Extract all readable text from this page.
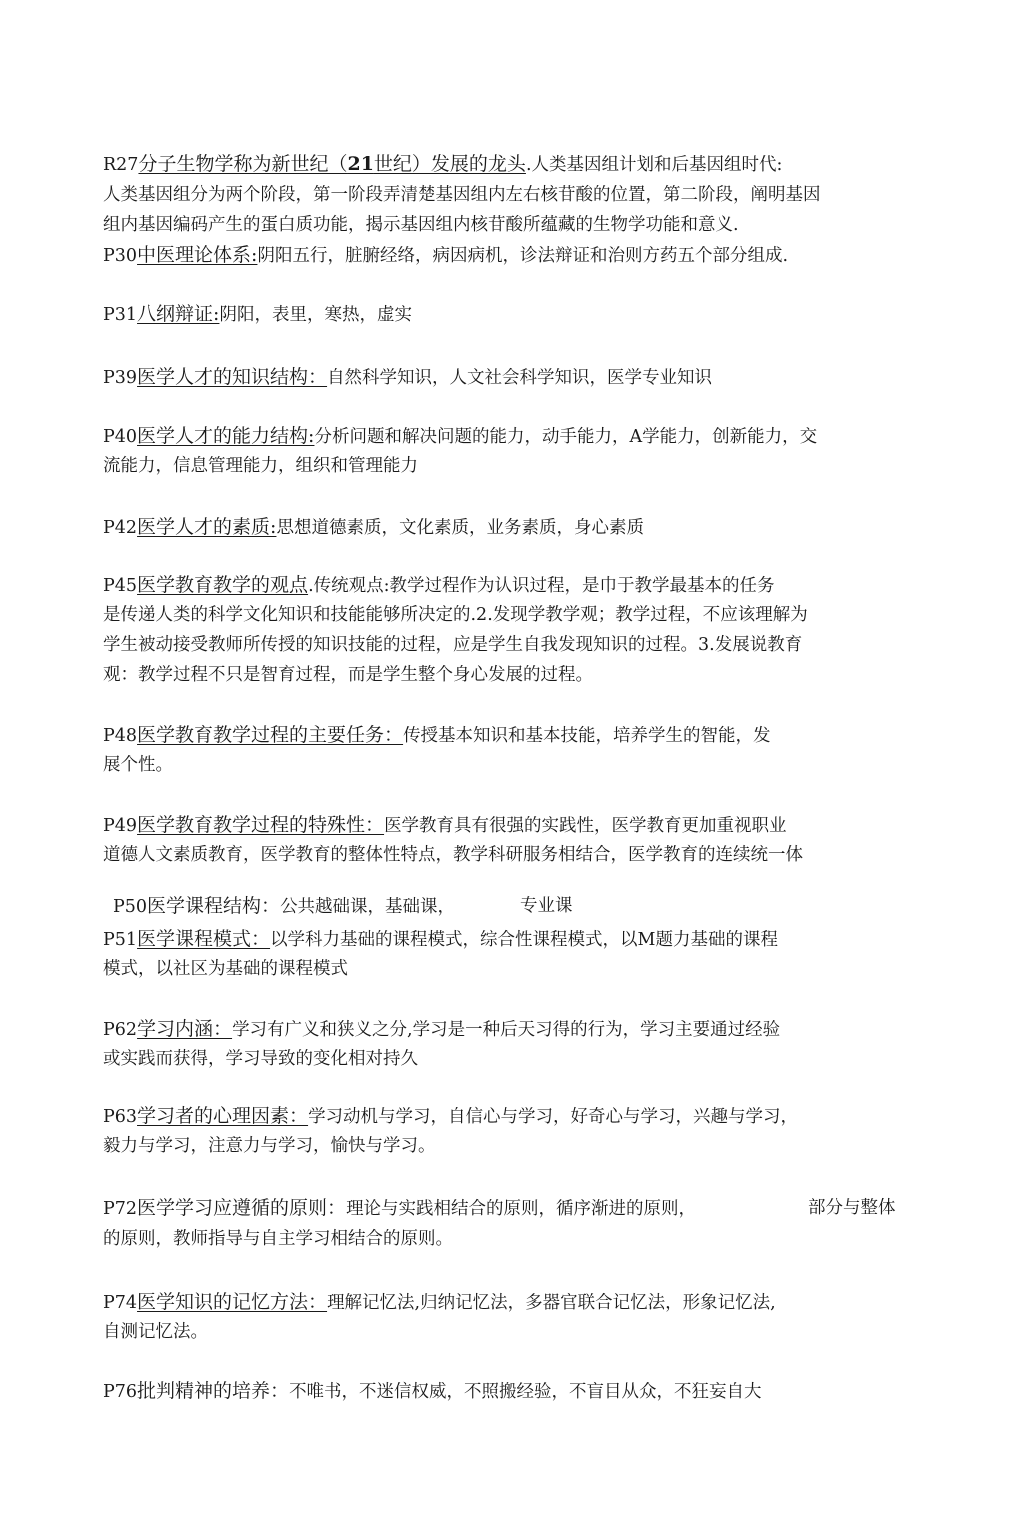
R27分子生物学称为新世纪（21世纪）发展的龙头.人类基因组计划和后基因组时代:
人类基因组分为两个阶段，第一阶段弄清楚基因组内左右核苷酸的位置，第二阶段，阐明基因
组内基因编码产生的蛋白质功能，揭示基因组内核苷酸所蕴藏的生物学功能和意义.
P30中医理论体系:阴阳五行，脏腑经络，病因病机，诊法辩证和治则方药五个部分组成.
P31八纲辩证:阴阳，表里，寒热，虚实
P39医学人才的知识结构：自然科学知识，人文社会科学知识，医学专业知识
P40医学人才的能力结构:分析问题和解决问题的能力，动手能力，A学能力，创新能力，交
流能力，信息管理能力，组织和管理能力
P42医学人才的素质:思想道德素质，文化素质，业务素质，身心素质
P45医学教育教学的观点.传统观点:教学过程作为认识过程，是巾于教学最基本的任务
是传递人类的科学文化知识和技能能够所决定的.2.发现学教学观；教学过程，不应该理解为
学生被动接受教师所传授的知识技能的过程，应是学生自我发现知识的过程。3.发展说教育
观：教学过程不只是智育过程，而是学生整个身心发展的过程。
P48医学教育教学过程的主要任务：传授基本知识和基本技能，培养学生的智能，发
展个性。
P49医学教育教学过程的特殊性：医学教育具有很强的实践性，医学教育更加重视职业
道德人文素质教育，医学教育的整体性特点，教学科研服务相结合，医学教育的连续统一体
P50医学课程结构：公共越础课，基础课，	专业课
P51医学课程模式：以学科力基础的课程模式，综合性课程模式，以M题力基础的课程
模式，以社区为基础的课程模式
P62学习内涵：学习有广义和狭义之分,学习是一种后天习得的行为，学习主要通过经验
或实践而获得，学习导致的变化相对持久
P63学习者的心理因素：学习动机与学习，自信心与学习，好奇心与学习，兴趣与学习，
毅力与学习，注意力与学习，愉快与学习。
P72医学学习应遵循的原则：理论与实践相结合的原则，循序渐进的原则，	部分与整体
的原则，教师指导与自主学习相结合的原则。
P74医学知识的记忆方法：理解记忆法,归纳记忆法，多器官联合记忆法，形象记忆法,
自测记忆法。
P76批判精神的培养：不唯书，不迷信权威，不照搬经验，不盲目从众，不狂妄自大
